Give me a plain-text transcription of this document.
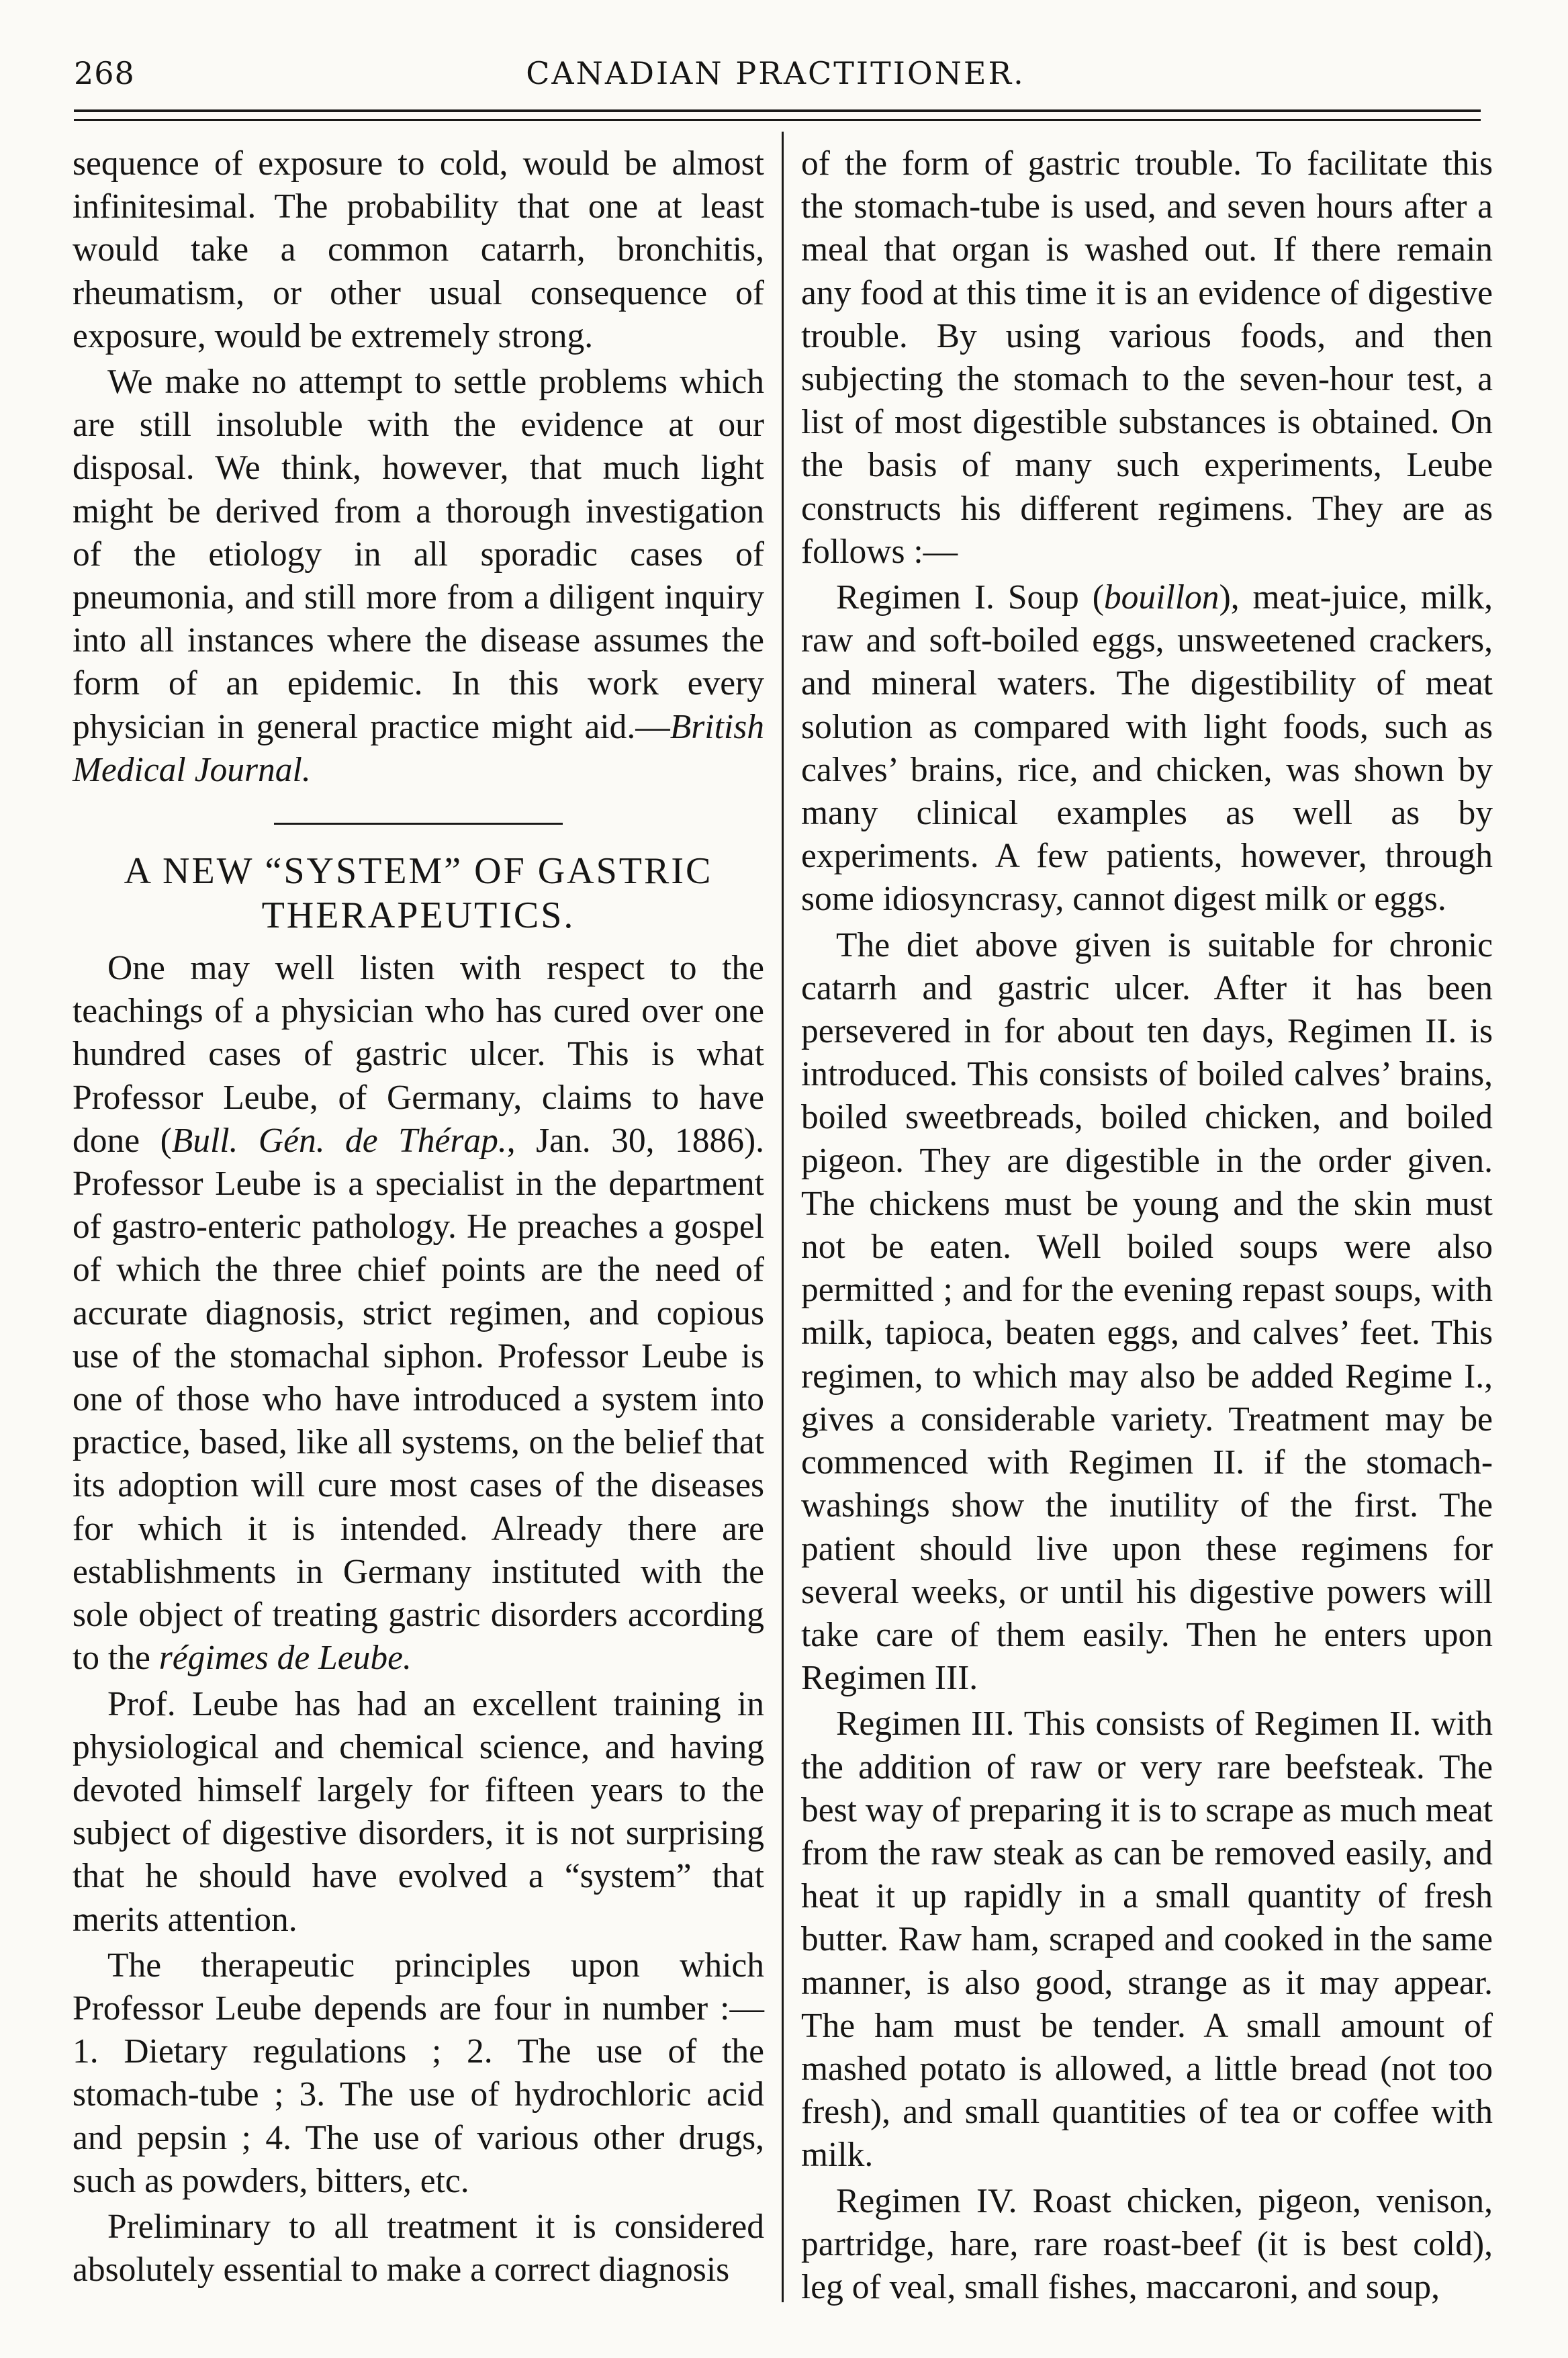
268	CANADIAN PRACTITIONER.

sequence of exposure to cold, would be almost infinitesimal. The probability that one at least would take a common catarrh, bronchitis, rheumatism, or other usual consequence of exposure, would be extremely strong.

We make no attempt to settle problems which are still insoluble with the evidence at our disposal. We think, however, that much light might be derived from a thorough investigation of the etiology in all sporadic cases of pneumonia, and still more from a diligent inquiry into all instances where the disease assumes the form of an epidemic. In this work every physician in general practice might aid.—British Medical Journal.

A NEW “SYSTEM” OF GASTRIC THERAPEUTICS.

One may well listen with respect to the teachings of a physician who has cured over one hundred cases of gastric ulcer. This is what Professor Leube, of Germany, claims to have done (Bull. Gén. de Thérap., Jan. 30, 1886). Professor Leube is a specialist in the department of gastro-enteric pathology. He preaches a gospel of which the three chief points are the need of accurate diagnosis, strict regimen, and copious use of the stomachal siphon. Professor Leube is one of those who have introduced a system into practice, based, like all systems, on the belief that its adoption will cure most cases of the diseases for which it is intended. Already there are establishments in Germany instituted with the sole object of treating gastric disorders according to the régimes de Leube.

Prof. Leube has had an excellent training in physiological and chemical science, and having devoted himself largely for fifteen years to the subject of digestive disorders, it is not surprising that he should have evolved a “system” that merits attention.

The therapeutic principles upon which Professor Leube depends are four in number :— 1. Dietary regulations ; 2. The use of the stomach-tube ; 3. The use of hydrochloric acid and pepsin ; 4. The use of various other drugs, such as powders, bitters, etc.

Preliminary to all treatment it is considered absolutely essential to make a correct diagnosis

of the form of gastric trouble. To facilitate this the stomach-tube is used, and seven hours after a meal that organ is washed out. If there remain any food at this time it is an evidence of digestive trouble. By using various foods, and then subjecting the stomach to the seven-hour test, a list of most digestible substances is obtained. On the basis of many such experiments, Leube constructs his different regimens. They are as follows :—

Regimen I. Soup (bouillon), meat-juice, milk, raw and soft-boiled eggs, unsweetened crackers, and mineral waters. The digestibility of meat solution as compared with light foods, such as calves’ brains, rice, and chicken, was shown by many clinical examples as well as by experiments. A few patients, however, through some idiosyncrasy, cannot digest milk or eggs.

The diet above given is suitable for chronic catarrh and gastric ulcer. After it has been persevered in for about ten days, Regimen II. is introduced. This consists of boiled calves’ brains, boiled sweetbreads, boiled chicken, and boiled pigeon. They are digestible in the order given. The chickens must be young and the skin must not be eaten. Well boiled soups were also permitted ; and for the evening repast soups, with milk, tapioca, beaten eggs, and calves’ feet. This regimen, to which may also be added Regime I., gives a considerable variety. Treatment may be commenced with Regimen II. if the stomach-washings show the inutility of the first. The patient should live upon these regimens for several weeks, or until his digestive powers will take care of them easily. Then he enters upon Regimen III.

Regimen III. This consists of Regimen II. with the addition of raw or very rare beefsteak. The best way of preparing it is to scrape as much meat from the raw steak as can be removed easily, and heat it up rapidly in a small quantity of fresh butter. Raw ham, scraped and cooked in the same manner, is also good, strange as it may appear. The ham must be tender. A small amount of mashed potato is allowed, a little bread (not too fresh), and small quantities of tea or coffee with milk.

Regimen IV. Roast chicken, pigeon, venison, partridge, hare, rare roast-beef (it is best cold), leg of veal, small fishes, maccaroni, and soup,
